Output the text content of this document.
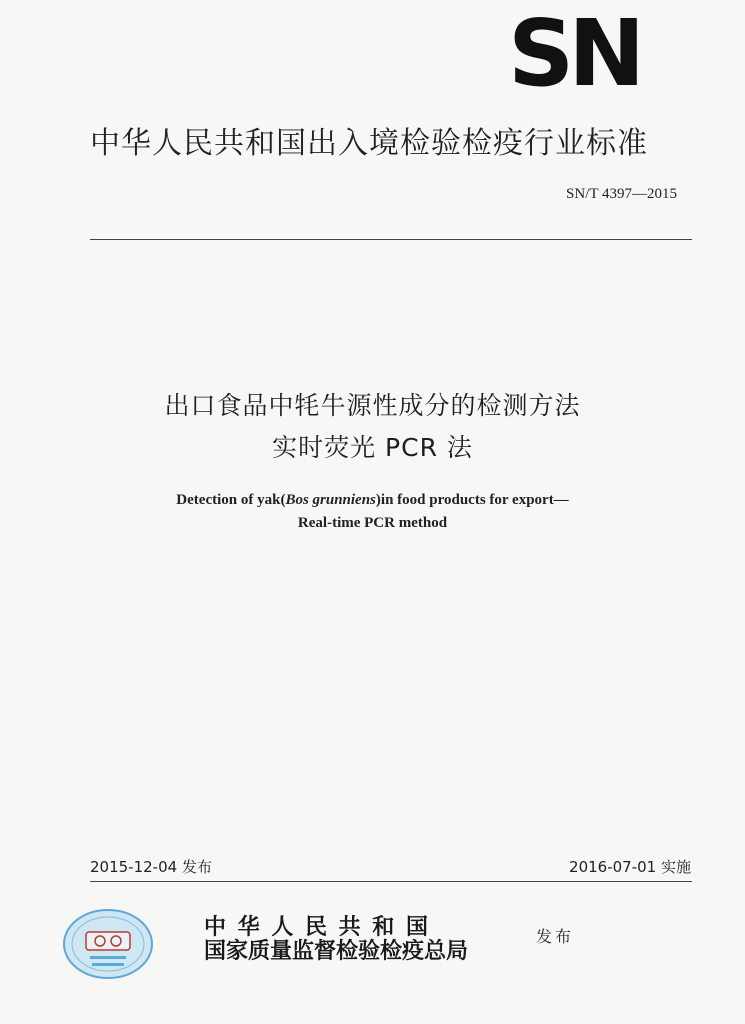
SN
中华人民共和国出入境检验检疫行业标准
SN/T 4397—2015
出口食品中牦牛源性成分的检测方法
实时荧光 PCR 法
Detection of yak(Bos grunniens)in food products for export—
Real-time PCR method
2015-12-04 发布	2016-07-01 实施
中 华 人 民 共 和 国
国家质量监督检验检疫总局
发布
